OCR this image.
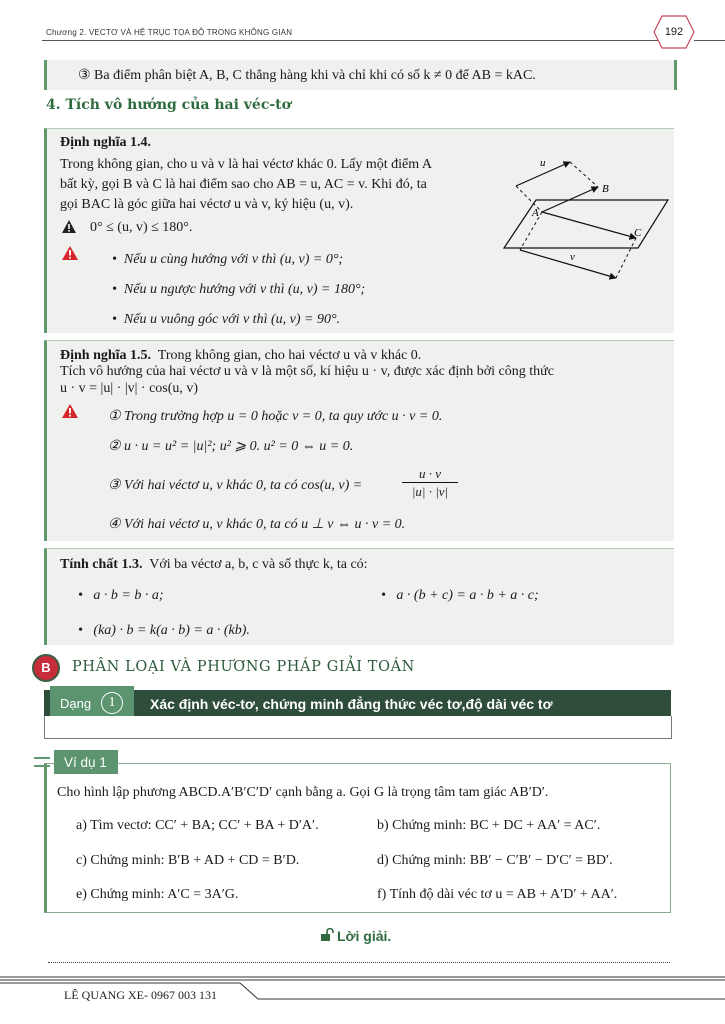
Chương 2. VECTƠ VÀ HỆ TRỤC TỌA ĐỘ TRONG KHÔNG GIAN	192
③ Ba điểm phân biệt A, B, C thẳng hàng khi và chỉ khi có số k ≠ 0 để AB = kAC.
4. Tích vô hướng của hai véc-tơ
Định nghĩa 1.4.
Trong không gian, cho u và v là hai véctơ khác 0. Lấy một điểm A
bất kỳ, gọi B và C là hai điểm sao cho AB = u, AC = v. Khi đó, ta
gọi BAC là góc giữa hai véctơ u và v, ký hiệu (u, v).
0° ≤ (u, v) ≤ 180°.
•  Nếu u cùng hướng với v thì (u, v) = 0°;
•  Nếu u ngược hướng với v thì (u, v) = 180°;
•  Nếu u vuông góc với v thì (u, v) = 90°.
u
v
A
B
C
Định nghĩa 1.5. Trong không gian, cho hai véctơ u và v khác 0.
Tích vô hướng của hai véctơ u và v là một số, kí hiệu u · v, được xác định bởi công thức
u · v = |u| · |v| · cos(u, v)
① Trong trường hợp u = 0 hoặc v = 0, ta quy ước u · v = 0.
② u · u = u² = |u|²; u² ⩾ 0. u² = 0 ⇔ u = 0.
③ Với hai véctơ u, v khác 0, ta có cos(u, v) =	$\frac{u \cdot v}{|u| \cdot |v|}$
④ Với hai véctơ u, v khác 0, ta có u ⊥ v ⇔ u · v = 0.
Tính chất 1.3. Với ba véctơ a, b, c và số thực k, ta có:
•   a · b = b · a;	•   a · (b + c) = a · b + a · c;
•   (ka) · b = k(a · b) = a · (kb).
B	PHÂN LOẠI VÀ PHƯƠNG PHÁP GIẢI TOÁN
Dạng	1	Xác định véc-tơ, chứng minh đẳng thức véc tơ,độ dài véc tơ
Ví dụ 1
Cho hình lập phương ABCD.A′B′C′D′ cạnh bằng a. Gọi G là trọng tâm tam giác AB′D′.
a) Tìm vectơ: CC′ + BA; CC′ + BA + D′A′.	b) Chứng minh: BC + DC + AA′ = AC′.
c) Chứng minh: B′B + AD + CD = B′D.	d) Chứng minh: BB′ − C′B′ − D′C′ = BD′.
e) Chứng minh: A′C = 3A′G.	f) Tính độ dài véc tơ u = AB + A′D′ + AA′.
Lời giải.
LÊ QUANG XE- 0967 003 131
